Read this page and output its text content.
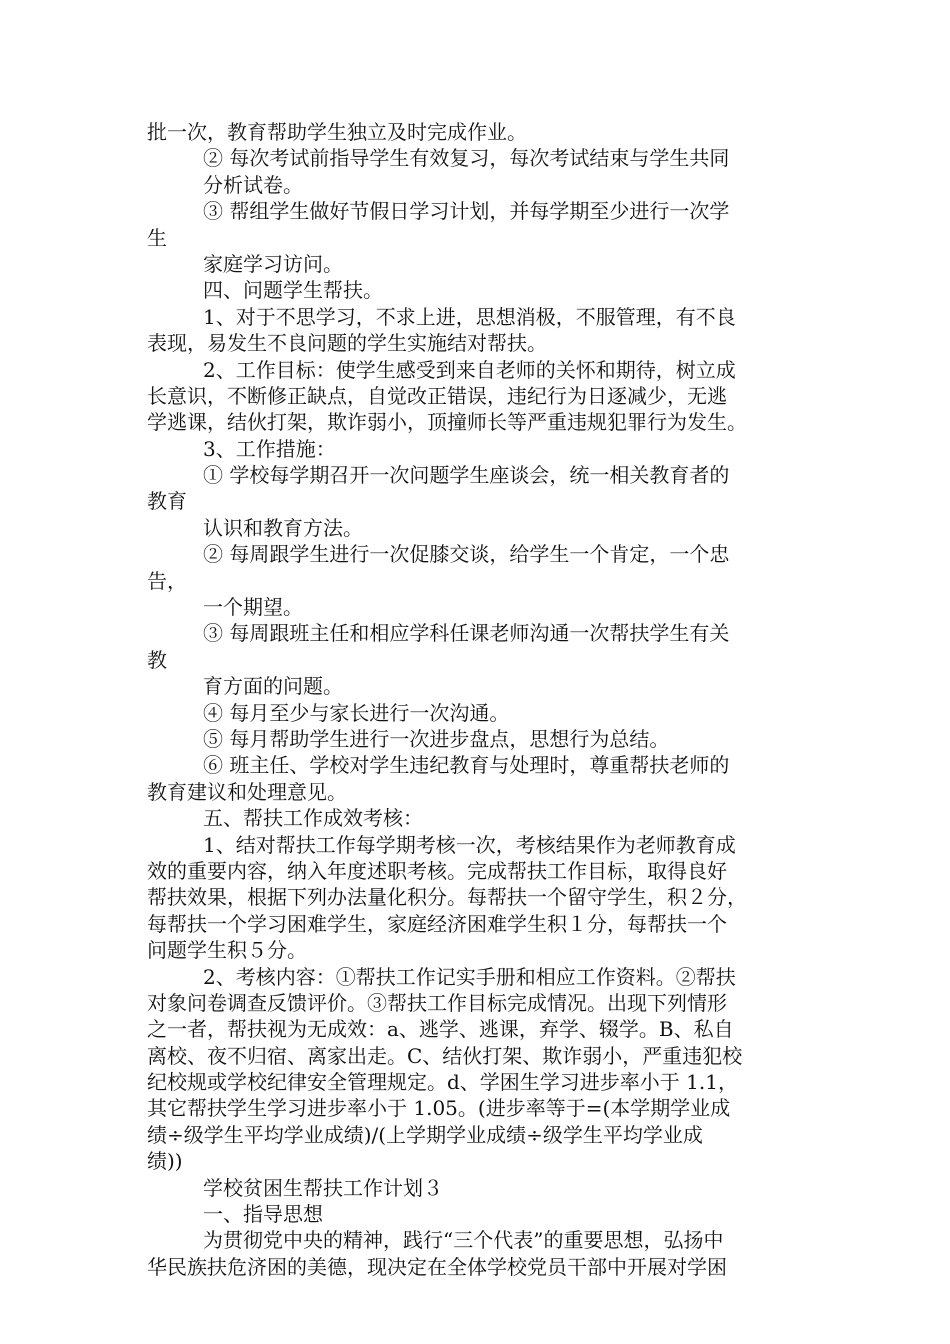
批一次，教育帮助学生独立及时完成作业。
② 每次考试前指导学生有效复习，每次考试结束与学生共同
分析试卷。
③ 帮组学生做好节假日学习计划，并每学期至少进行一次学
生
家庭学习访问。
四、问题学生帮扶。
1、对于不思学习，不求上进，思想消极，不服管理，有不良
表现，易发生不良问题的学生实施结对帮扶。
2、工作目标：使学生感受到来自老师的关怀和期待，树立成
长意识，不断修正缺点，自觉改正错误，违纪行为日逐减少，无逃
学逃课，结伙打架，欺诈弱小，顶撞师长等严重违规犯罪行为发生。
3、工作措施：
① 学校每学期召开一次问题学生座谈会，统一相关教育者的
教育
认识和教育方法。
② 每周跟学生进行一次促膝交谈，给学生一个肯定，一个忠
告，
一个期望。
③ 每周跟班主任和相应学科任课老师沟通一次帮扶学生有关
教
育方面的问题。
④ 每月至少与家长进行一次沟通。
⑤ 每月帮助学生进行一次进步盘点，思想行为总结。
⑥ 班主任、学校对学生违纪教育与处理时，尊重帮扶老师的
教育建议和处理意见。
五、帮扶工作成效考核：
1、结对帮扶工作每学期考核一次，考核结果作为老师教育成
效的重要内容，纳入年度述职考核。完成帮扶工作目标，取得良好
帮扶效果，根据下列办法量化积分。每帮扶一个留守学生，积２分，
每帮扶一个学习困难学生，家庭经济困难学生积１分，每帮扶一个
问题学生积５分。
2、考核内容：①帮扶工作记实手册和相应工作资料。②帮扶
对象问卷调查反馈评价。③帮扶工作目标完成情况。出现下列情形
之一者，帮扶视为无成效：a、逃学、逃课，弃学、辍学。B、私自
离校、夜不归宿、离家出走。C、结伙打架、欺诈弱小，严重违犯校
纪校规或学校纪律安全管理规定。d、学困生学习进步率小于 1.1，
其它帮扶学生学习进步率小于 1.05。(进步率等于=(本学期学业成
绩÷级学生平均学业成绩)/(上学期学业成绩÷级学生平均学业成
绩))
学校贫困生帮扶工作计划３
一、指导思想
为贯彻党中央的精神，践行“三个代表”的重要思想，弘扬中
华民族扶危济困的美德，现决定在全体学校党员干部中开展对学困
